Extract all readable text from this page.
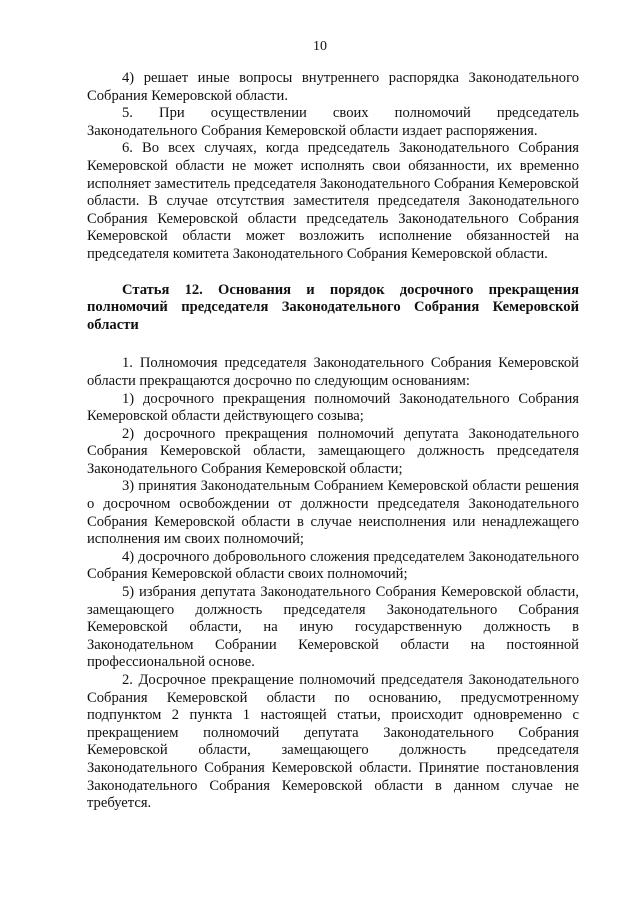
10

4) решает иные вопросы внутреннего распорядка Законодательного Собрания Кемеровской области.

5. При осуществлении своих полномочий председатель Законодательного Собрания Кемеровской области издает распоряжения.

6. Во всех случаях, когда председатель Законодательного Собрания Кемеровской области не может исполнять свои обязанности, их временно исполняет заместитель председателя Законодательного Собрания Кемеровской области. В случае отсутствия заместителя председателя Законодательного Собрания Кемеровской области председатель Законодательного Собрания Кемеровской области может возложить исполнение обязанностей на председателя комитета Законодательного Собрания Кемеровской области.

Статья 12. Основания и порядок досрочного прекращения полномочий председателя Законодательного Собрания Кемеровской области

1. Полномочия председателя Законодательного Собрания Кемеровской области прекращаются досрочно по следующим основаниям:

1) досрочного прекращения полномочий Законодательного Собрания Кемеровской области действующего созыва;

2) досрочного прекращения полномочий депутата Законодательного Собрания Кемеровской области, замещающего должность председателя Законодательного Собрания Кемеровской области;

3) принятия Законодательным Собранием Кемеровской области решения о досрочном освобождении от должности председателя Законодательного Собрания Кемеровской области в случае неисполнения или ненадлежащего исполнения им своих полномочий;

4) досрочного добровольного сложения председателем Законодательного Собрания Кемеровской области своих полномочий;

5) избрания депутата Законодательного Собрания Кемеровской области, замещающего должность председателя Законодательного Собрания Кемеровской области, на иную государственную должность в Законодательном Собрании Кемеровской области на постоянной профессиональной основе.

2. Досрочное прекращение полномочий председателя Законодательного Собрания Кемеровской области по основанию, предусмотренному подпунктом 2 пункта 1 настоящей статьи, происходит одновременно с прекращением полномочий депутата Законодательного Собрания Кемеровской области, замещающего должность председателя Законодательного Собрания Кемеровской области. Принятие постановления Законодательного Собрания Кемеровской области в данном случае не требуется.
